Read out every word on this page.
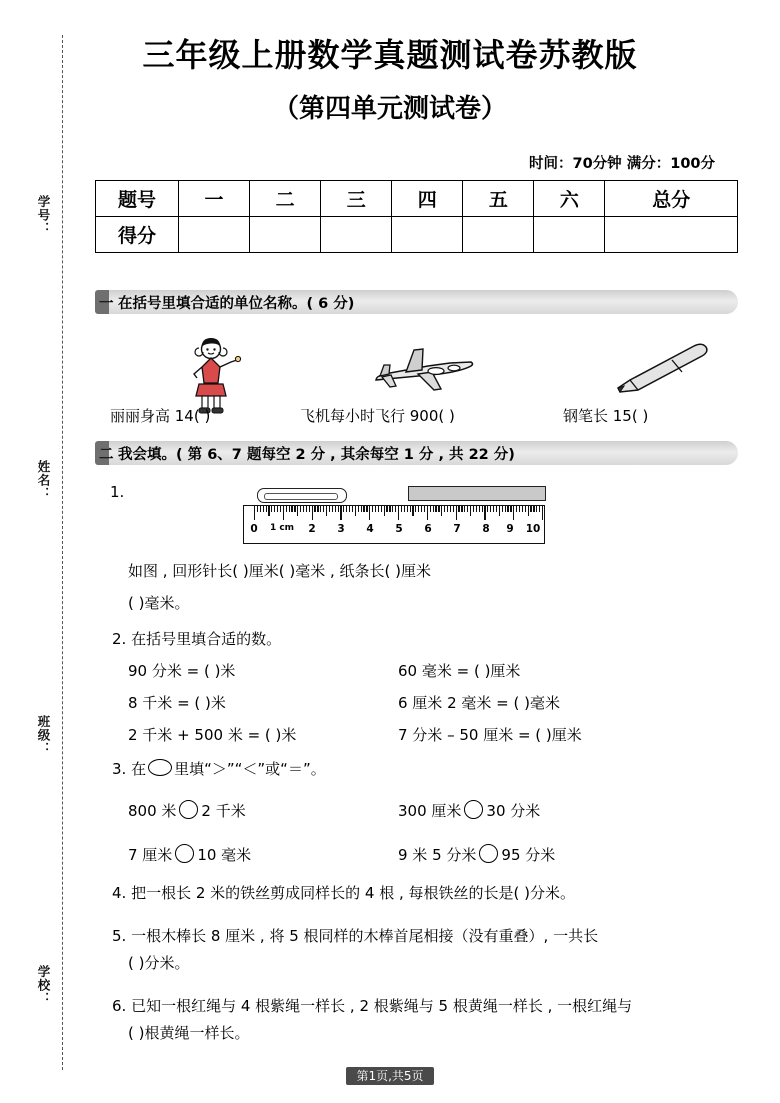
学号：
姓名：
班级：
学校：
三年级上册数学真题测试卷苏教版
（第四单元测试卷）
时间：70分钟 满分：100分
题号	一	二	三	四	五	六	总分
得分							
一 在括号里填合适的单位名称。( 6 分)
丽丽身高 14( )	飞机每小时飞行 900( )	钢笔长 15( )
二 我会填。( 第 6、7 题每空 2 分 , 其余每空 1 分 , 共 22 分)
1.
0 1 cm 2 3 4 5 6 7 8 9 10
如图 , 回形针长( )厘米( )毫米 , 纸条长( )厘米
( )毫米。
2. 在括号里填合适的数。
90 分米 = ( )米	60 毫米 = ( )厘米
8 千米 = ( )米	6 厘米 2 毫米 = ( )毫米
2 千米 + 500 米 = ( )米	7 分米 – 50 厘米 = ( )厘米
3. 在 里填“＞”“＜”或“＝”。
800 米 2 千米	300 厘米 30 分米
7 厘米 10 毫米	9 米 5 分米 95 分米
4. 把一根长 2 米的铁丝剪成同样长的 4 根 , 每根铁丝的长是( )分米。
5. 一根木棒长 8 厘米 , 将 5 根同样的木棒首尾相接（没有重叠）, 一共长
( )分米。
6. 已知一根红绳与 4 根紫绳一样长 , 2 根紫绳与 5 根黄绳一样长 , 一根红绳与
( )根黄绳一样长。
第1页,共5页
